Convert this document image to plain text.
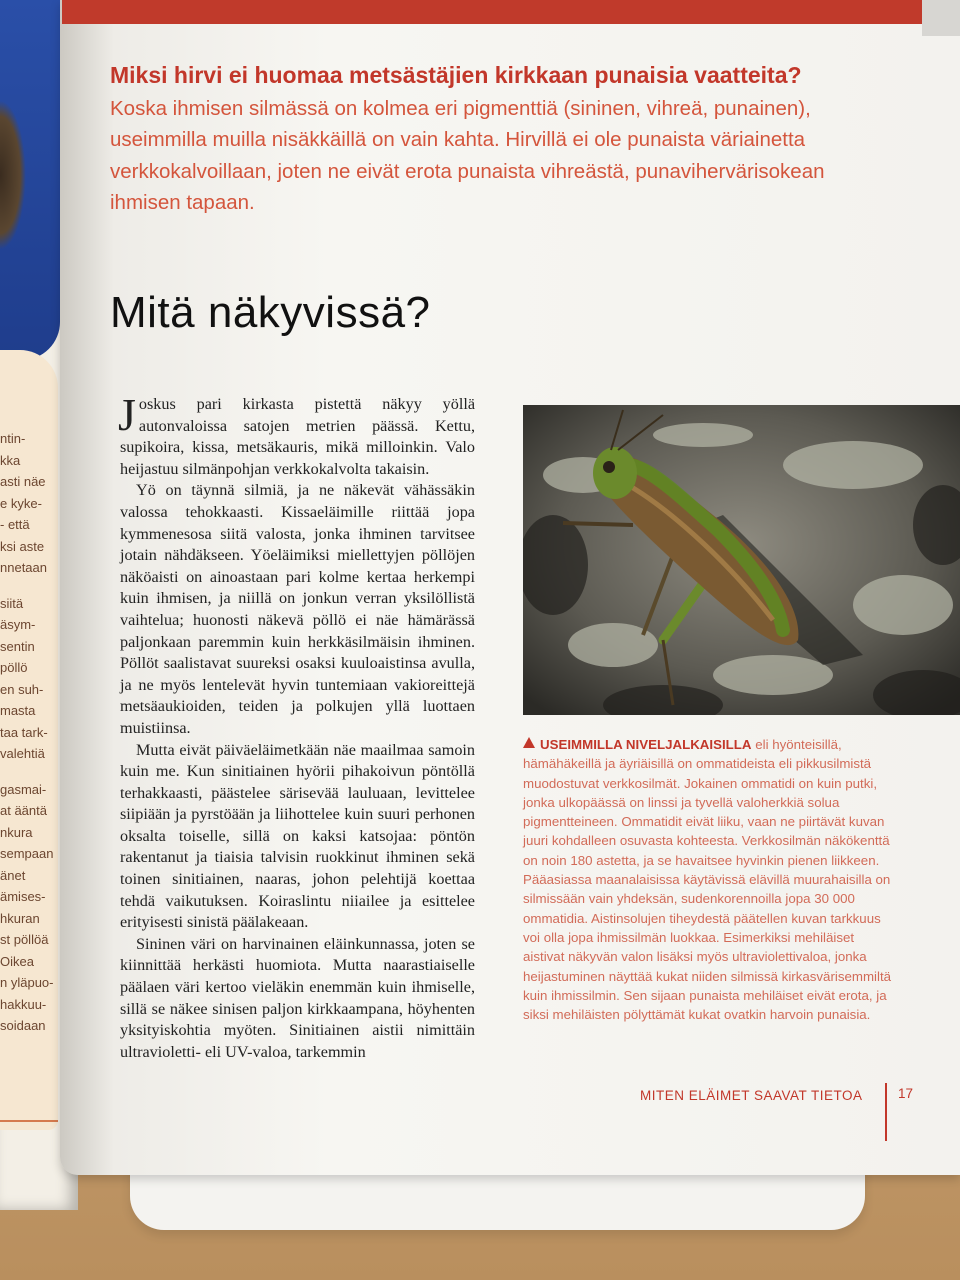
ntin-
kka
asti näe
e kyke-
- että
ksi aste
nnetaan
siitä
äsym-
sentin
pöllö
en suh-
masta
taa tark-
valehtiä
gasmai-
at ääntä
nkura
sempaan
änet
ämises-
hkuran
st pöllöä
Oikea
n yläpuo-
hakkuu-
soidaan

Miksi hirvi ei huomaa metsästäjien kirkkaan punaisia vaatteita? Koska ihmisen silmässä on kolmea eri pigmenttiä (sininen, vihreä, punainen), useimmilla muilla nisäkkäillä on vain kahta. Hirvillä ei ole punaista väriainetta verkkokalvoillaan, joten ne eivät erota punaista vihreästä, punavihervärisokean ihmisen tapaan.

Mitä näkyvissä?

Joskus pari kirkasta pistettä näkyy yöllä autonvaloissa satojen metrien päässä. Kettu, supikoira, kissa, metsäkauris, mikä milloinkin. Valo heijastuu silmänpohjan verkkokalvolta takaisin.

Yö on täynnä silmiä, ja ne näkevät vähässäkin valossa tehokkaasti. Kissaeläimille riittää jopa kymmenesosa siitä valosta, jonka ihminen tarvitsee jotain nähdäkseen. Yöeläimiksi miellettyjen pöllöjen näköaisti on ainoastaan pari kolme kertaa herkempi kuin ihmisen, ja niillä on jonkun verran yksilöllistä vaihtelua; huonosti näkevä pöllö ei näe hämärässä paljonkaan paremmin kuin herkkäsilmäisin ihminen. Pöllöt saalistavat suureksi osaksi kuuloaistinsa avulla, ja ne myös lentelevät hyvin tuntemiaan vakioreittejä metsäaukioiden, teiden ja polkujen yllä luottaen muistiinsa.

Mutta eivät päiväeläimetkään näe maailmaa samoin kuin me. Kun sinitiainen hyörii pihakoivun pöntöllä terhakkaasti, päästelee särisevää lauluaan, levittelee siipiään ja pyrstöään ja liihottelee kuin suuri perhonen oksalta toiselle, sillä on kaksi katsojaa: pöntön rakentanut ja tiaisia talvisin ruokkinut ihminen sekä toinen sinitiainen, naaras, johon pelehtijä koettaa tehdä vaikutuksen. Koiraslintu niiailee ja esittelee erityisesti sinistä päälakeaan.

Sininen väri on harvinainen eläinkunnassa, joten se kiinnittää herkästi huomiota. Mutta naarastiaiselle päälaen väri kertoo vieläkin enemmän kuin ihmiselle, sillä se näkee sinisen paljon kirkkaampana, höyhenten yksityiskohtia myöten. Sinitiainen aistii nimittäin ultravioletti- eli UV-valoa, tarkemmin

USEIMMILLA NIVELJALKAISILLA eli hyönteisillä, hämähäkeillä ja äyriäisillä on ommatideista eli pikkusilmistä muodostuvat verkkosilmät. Jokainen ommatidi on kuin putki, jonka ulkopäässä on linssi ja tyvellä valoherkkiä solua pigmentteineen. Ommatidit eivät liiku, vaan ne piirtävät kuvan juuri kohdalleen osuvasta kohteesta. Verkkosilmän näkökenttä on noin 180 astetta, ja se havaitsee hyvinkin pienen liikkeen. Pääasiassa maanalaisissa käytävissä elävillä muurahaisilla on silmissään vain yhdeksän, sudenkorennoilla jopa 30 000 ommatidia. Aistinsolujen tiheydestä päätellen kuvan tarkkuus voi olla jopa ihmissilmän luokkaa. Esimerkiksi mehiläiset aistivat näkyvän valon lisäksi myös ultraviolettivaloa, jonka heijastuminen näyttää kukat niiden silmissä kirkasvärisemmiltä kuin ihmissilmin. Sen sijaan punaista mehiläiset eivät erota, ja siksi mehiläisten pölyttämät kukat ovatkin harvoin punaisia.

MITEN ELÄIMET SAAVAT TIETOA	17
